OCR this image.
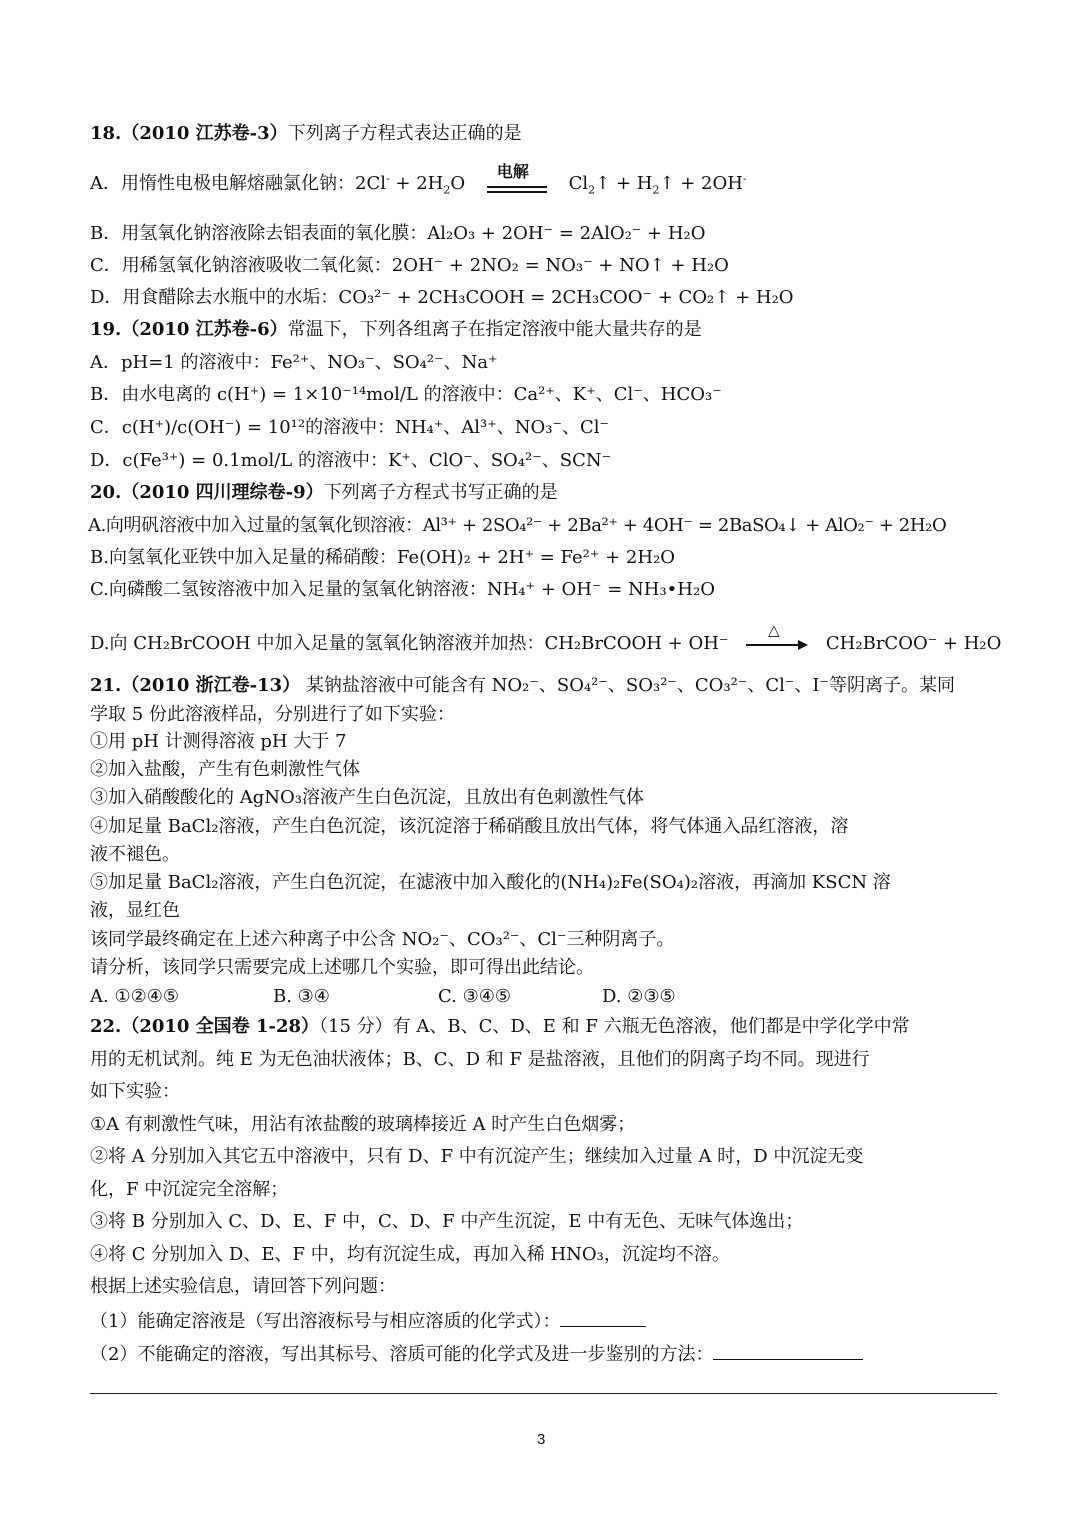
18.（2010 江苏卷-3）下列离子方程式表达正确的是
A．用惰性电极电解熔融氯化钠：$2Cl^- + 2H_2O$
电解
$Cl_2↑$ + $H_2↑ + 2OH^-$
B．用氢氧化钠溶液除去铝表面的氧化膜：Al₂O₃ + 2OH⁻ = 2AlO₂⁻ + H₂O
C．用稀氢氧化钠溶液吸收二氧化氮：2OH⁻ + 2NO₂ = NO₃⁻ + NO↑ + H₂O
D．用食醋除去水瓶中的水垢：CO₃²⁻ + 2CH₃COOH = 2CH₃COO⁻ + CO₂↑ + H₂O
19.（2010 江苏卷-6）常温下，下列各组离子在指定溶液中能大量共存的是
A．pH=1 的溶液中：Fe²⁺、NO₃⁻、SO₄²⁻、Na⁺
B．由水电离的 c(H⁺) = 1×10⁻¹⁴mol/L 的溶液中：Ca²⁺、K⁺、Cl⁻、HCO₃⁻
C．c(H⁺)/c(OH⁻) = 10¹²的溶液中：NH₄⁺、Al³⁺、NO₃⁻、Cl⁻
D．c(Fe³⁺) = 0.1mol/L 的溶液中：K⁺、ClO⁻、SO₄²⁻、SCN⁻
20.（2010 四川理综卷-9）下列离子方程式书写正确的是
A.向明矾溶液中加入过量的氢氧化钡溶液：Al³⁺ + 2SO₄²⁻ + 2Ba²⁺ + 4OH⁻ = 2BaSO₄↓ + AlO₂⁻ + 2H₂O
B.向氢氧化亚铁中加入足量的稀硝酸：Fe(OH)₂ + 2H⁺ = Fe²⁺ + 2H₂O
C.向磷酸二氢铵溶液中加入足量的氢氧化钠溶液：NH₄⁺ + OH⁻ = NH₃•H₂O
D.向 CH₂BrCOOH 中加入足量的氢氧化钠溶液并加热：CH₂BrCOOH + OH⁻
△
CH₂BrCOO⁻ + H₂O
21.（2010 浙江卷-13） 某钠盐溶液中可能含有 NO₂⁻、SO₄²⁻、SO₃²⁻、CO₃²⁻、Cl⁻、I⁻等阴离子。某同
学取 5 份此溶液样品，分别进行了如下实验：
①用 pH 计测得溶液 pH 大于 7
②加入盐酸，产生有色刺激性气体
③加入硝酸酸化的 AgNO₃溶液产生白色沉淀，且放出有色刺激性气体
④加足量 BaCl₂溶液，产生白色沉淀，该沉淀溶于稀硝酸且放出气体，将气体通入品红溶液，溶
液不褪色。
⑤加足量 BaCl₂溶液，产生白色沉淀，在滤液中加入酸化的(NH₄)₂Fe(SO₄)₂溶液，再滴加 KSCN 溶
液，显红色
该同学最终确定在上述六种离子中公含 NO₂⁻、CO₃²⁻、Cl⁻三种阴离子。
请分析，该同学只需要完成上述哪几个实验，即可得出此结论。
A. ①②④⑤	B. ③④	C. ③④⑤	D. ②③⑤
22.（2010 全国卷 1-28）（15 分）有 A、B、C、D、E 和 F 六瓶无色溶液，他们都是中学化学中常
用的无机试剂。纯 E 为无色油状液体；B、C、D 和 F 是盐溶液，且他们的阴离子均不同。现进行
如下实验：
①A 有刺激性气味，用沾有浓盐酸的玻璃棒接近 A 时产生白色烟雾；
②将 A 分别加入其它五中溶液中，只有 D、F 中有沉淀产生；继续加入过量 A 时，D 中沉淀无变
化，F 中沉淀完全溶解；
③将 B 分别加入 C、D、E、F 中，C、D、F 中产生沉淀，E 中有无色、无味气体逸出；
④将 C 分别加入 D、E、F 中，均有沉淀生成，再加入稀 HNO₃，沉淀均不溶。
根据上述实验信息，请回答下列问题：
（1）能确定溶液是（写出溶液标号与相应溶质的化学式）：
（2）不能确定的溶液，写出其标号、溶质可能的化学式及进一步鉴别的方法：
3
